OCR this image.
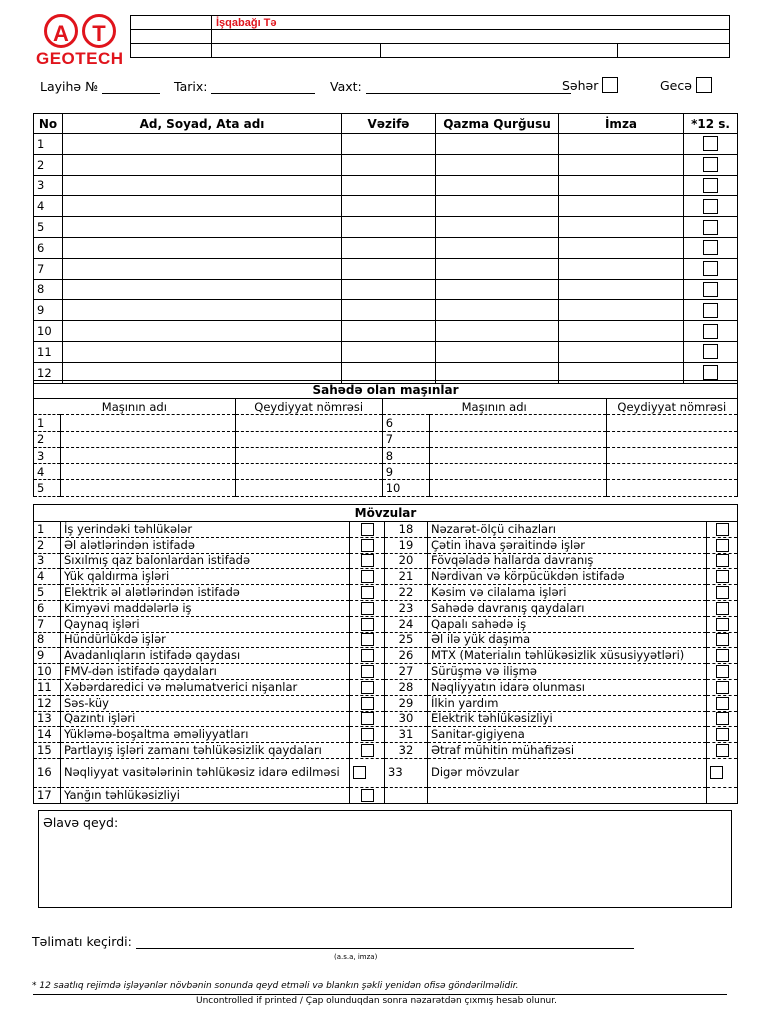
A	T
GEOTECH
	İşqabağı Tə		

Layihə №	Tarix:	Vaxt:	Səhər	Gecə
No	Ad, Soyad, Ata adı	Vəzifə	Qazma Qurğusu	İmza	*12 s.
1					
2					
3					
4					
5					
6					
7					
8					
9					
10					
11					
12					
Sahədə olan maşınlar					
Maşının adı		Qeydiyyat nömrəsi	Maşının adı		Qeydiyyat nömrəsi
1			6		
2			7		
3			8		
4			9		
5			10		
Mövzular					
1	İş yerindəki təhlükələr		18	Nəzarət-ölçü cihazları	
2	Əl alətlərindən istifadə		19	Çətin ihava şəraitində işlər	
3	Sıxılmış qaz balonlardan istifadə		20	Fövqəladə hallarda davranış	
4	Yük qaldırma işləri		21	Nərdivan və körpücükdən istifadə	
5	Elektrik əl alətlərindən istifadə		22	Kəsim və cilalama işləri	
6	Kimyəvi maddələrlə iş		23	Sahədə davranış qaydaları	
7	Qaynaq işləri		24	Qapalı sahədə iş	
8	Hündürlükdə işlər		25	Əl ilə yük daşıma	
9	Avadanlıqların istifadə qaydası		26	MTX (Materialın təhlükəsizlik xüsusiyyətləri)	
10	FMV-dən istifadə qaydaları		27	Sürüşmə və ilişmə	
11	Xəbərdaredici və məlumatverici nişanlar		28	Nəqliyyatın idarə olunması	
12	Səs-küy		29	İlkin yardım	
13	Qazıntı işləri		30	Elektrik təhlükəsizliyi	
14	Yükləmə-boşaltma əməliyyatları		31	Sanitar-gigiyena	
15	Partlayış işləri zamanı təhlükəsizlik qaydaları		32	Ətraf mühitin mühafizəsi	
16	Nəqliyyat vasitələrinin təhlükəsiz idarə edilməsi		33	Digər mövzular	
17	Yanğın təhlükəsizliyi				
Əlavə qeyd:
Təlimatı keçirdi:
(a.s.a, imza)
* 12 saatlıq rejimdə işləyənlər növbənin sonunda qeyd etməli və blankın şəkli yenidən ofisə göndərilməlidir.
Uncontrolled if printed / Çap olunduqdan sonra nəzarətdən çıxmış hesab olunur.
